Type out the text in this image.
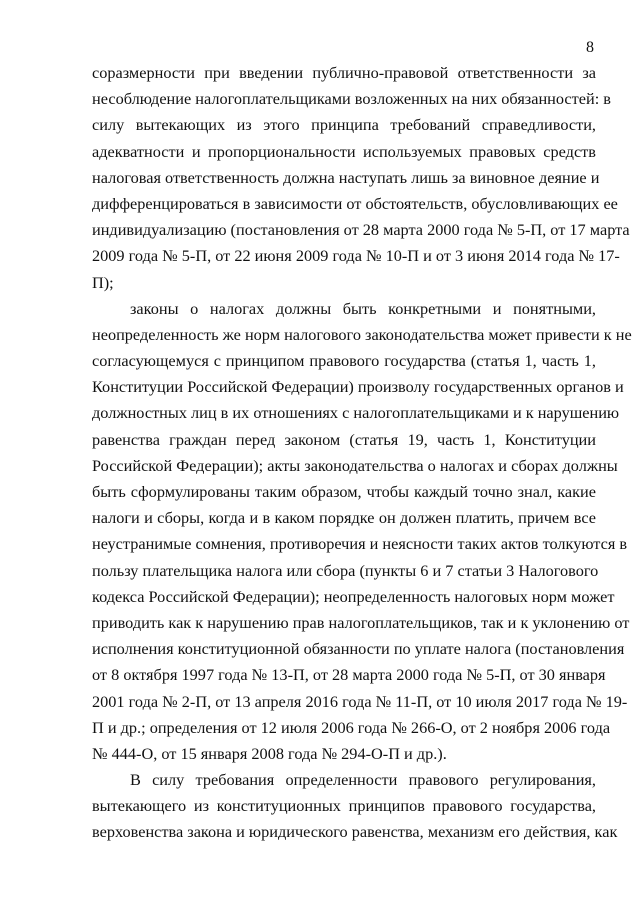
8
соразмерности при введении публично-правовой ответственности за
несоблюдение налогоплательщиками возложенных на них обязанностей: в
силу вытекающих из этого принципа требований справедливости,
адекватности и пропорциональности используемых правовых средств
налоговая ответственность должна наступать лишь за виновное деяние и
дифференцироваться в зависимости от обстоятельств, обусловливающих ее
индивидуализацию (постановления от 28 марта 2000 года № 5-П, от 17 марта
2009 года № 5-П, от 22 июня 2009 года № 10-П и от 3 июня 2014 года № 17-
П);
законы о налогах должны быть конкретными и понятными,
неопределенность же норм налогового законодательства может привести к не
согласующемуся с принципом правового государства (статья 1, часть 1,
Конституции Российской Федерации) произволу государственных органов и
должностных лиц в их отношениях с налогоплательщиками и к нарушению
равенства граждан перед законом (статья 19, часть 1, Конституции
Российской Федерации); акты законодательства о налогах и сборах должны
быть сформулированы таким образом, чтобы каждый точно знал, какие
налоги и сборы, когда и в каком порядке он должен платить, причем все
неустранимые сомнения, противоречия и неясности таких актов толкуются в
пользу плательщика налога или сбора (пункты 6 и 7 статьи 3 Налогового
кодекса Российской Федерации); неопределенность налоговых норм может
приводить как к нарушению прав налогоплательщиков, так и к уклонению от
исполнения конституционной обязанности по уплате налога (постановления
от 8 октября 1997 года № 13-П, от 28 марта 2000 года № 5-П, от 30 января
2001 года № 2-П, от 13 апреля 2016 года № 11-П, от 10 июля 2017 года № 19-
П и др.; определения от 12 июля 2006 года № 266-О, от 2 ноября 2006 года
№ 444-О, от 15 января 2008 года № 294-О-П и др.).
В силу требования определенности правового регулирования,
вытекающего из конституционных принципов правового государства,
верховенства закона и юридического равенства, механизм его действия, как
